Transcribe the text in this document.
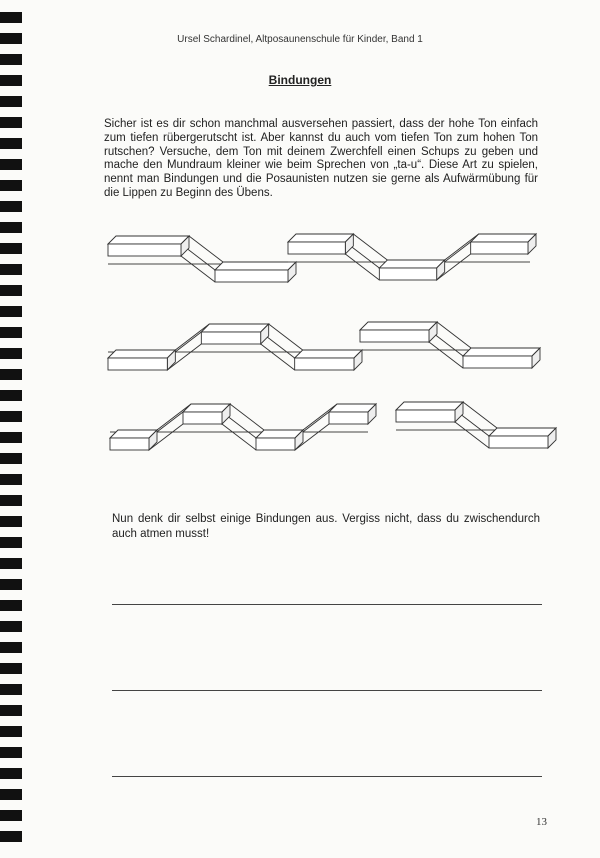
Ursel Schardinel, Altposaunenschule für Kinder, Band 1
Bindungen

Sicher ist es dir schon manchmal ausversehen passiert, dass der hohe Ton einfach zum tiefen rübergerutscht ist. Aber kannst du auch vom tiefen Ton zum hohen Ton rutschen? Versuche, dem Ton mit deinem Zwerchfell einen Schups zu geben und mache den Mundraum kleiner wie beim Sprechen von „ta-u“. Diese Art zu spielen, nennt man Bindungen und die Posaunisten nutzen sie gerne als Aufwärmübung für die Lippen zu Beginn des Übens.

Nun denk dir selbst einige Bindungen aus. Vergiss nicht, dass du zwischendurch auch atmen musst!

13
